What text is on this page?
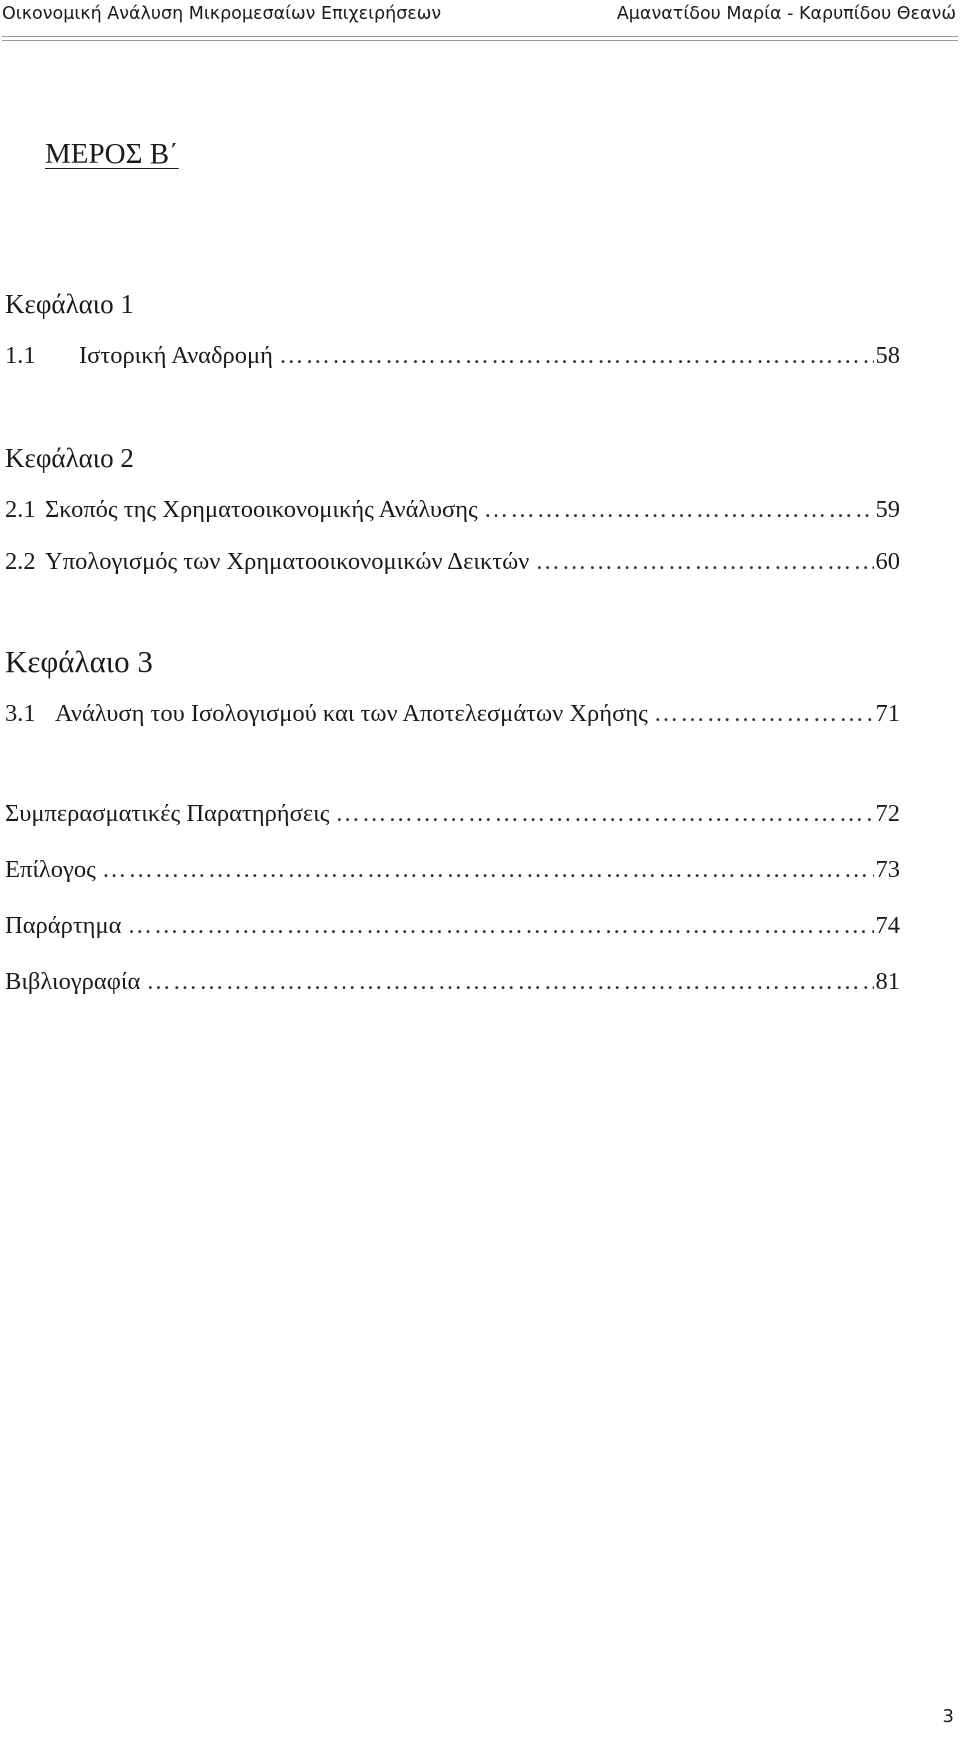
Οικονομική Ανάλυση Μικρομεσαίων Επιχειρήσεων	Αμανατίδου Μαρία - Καρυπίδου Θεανώ
ΜΕΡΟΣ Β΄
Κεφάλαιο 1
1.1	Ιστορική Αναδρομή ………………………………………………………………………………………………………………………………………………………………………………	58
Κεφάλαιο 2
2.1 Σκοπός της Χρηματοοικονομικής Ανάλυσης ………………………………………………………………………………………………………………………………………………………………………………	59
2.2 Υπολογισμός των Χρηματοοικονομικών Δεικτών ………………………………………………………………………………………………………………………………………………………………………………	60
Κεφάλαιο 3
3.1 Ανάλυση του Ισολογισμού και των Αποτελεσμάτων Χρήσης ………………………………………………………………………………………………………………………………………………………………………………	71
Συμπερασματικές Παρατηρήσεις ………………………………………………………………………………………………………………………………………………………………………………	72
Επίλογος ………………………………………………………………………………………………………………………………………………………………………………	73
Παράρτημα ………………………………………………………………………………………………………………………………………………………………………………	74
Βιβλιογραφία ………………………………………………………………………………………………………………………………………………………………………………	81
3
